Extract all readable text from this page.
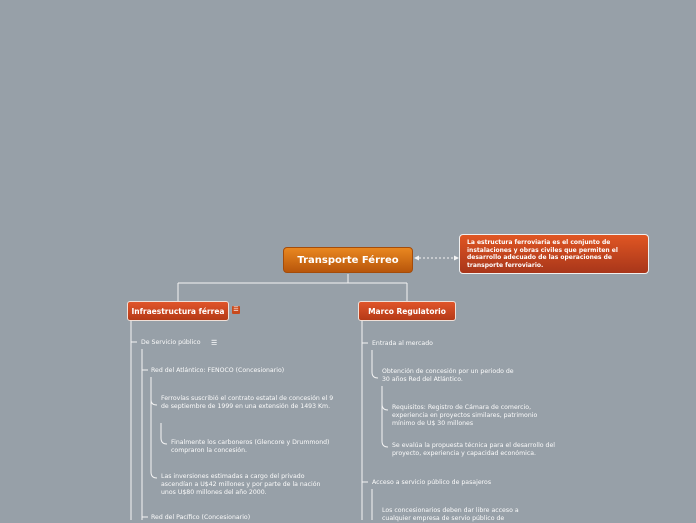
Transporte Férreo
La estructura ferroviaria es el conjunto de instalaciones y obras civiles que permiten el desarrollo adecuado de las operaciones de transporte ferroviario.
Infraestructura férrea ☰	Marco Regulatorio
De Servicio público ☰
Red del Atlántico: FENOCO (Concesionario)
Ferrovías suscribió el contrato estatal de concesión el 9 de septiembre de 1999 en una extensión de 1493 Km.
Finalmente los carboneros (Glencore y Drummond) compraron la concesión.
Las inversiones estimadas a cargo del privado ascendían a U$42 millones y por parte de la nación unos U$80 millones del año 2000.
Red del Pacífico (Concesionario)
Entrada al mercado
Obtención de concesión por un periodo de 30 años Red del Atlántico.
Requisitos: Registro de Cámara de comercio, experiencia en proyectos similares, patrimonio mínimo de U$ 30 millones
Se evalúa la propuesta técnica para el desarrollo del proyecto, experiencia y capacidad económica.
Acceso a servicio público de pasajeros
Los concesionarios deben dar libre acceso a cualquier empresa de servio público de
